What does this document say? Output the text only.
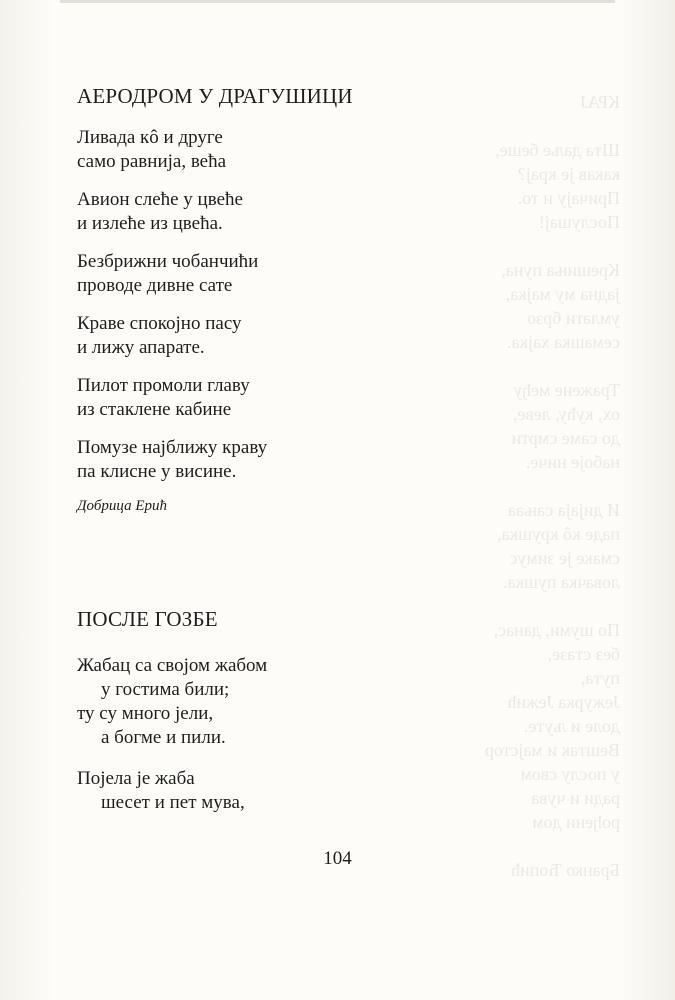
КРАЈ

Шта даље беше,
какав је крај?
Причају и то.
Послушај!

Крешиња пуна,
јадна му мајка,
умлати брзо
семашка хајка.

Тражене међу
ох, кућу, леве,
до саме смрти
набоје ниче.

И дијаја сањаа
паде кô крушка,
смаке је зимус
ловачка пушка.

По шуми, данас,
без стазе,
пута,
Јежурка Јежић
доле и љуте.
Вештак и мајстор
у послу свом
ради и чува
рођени дом

Бранко Ћопић
АЕРОДРОМ У ДРАГУШИЦИ

Ливада кô и друге
само равнија, већа

Авион слеће у цвеће
и излеће из цвећа.

Безбрижни чобанчићи
проводе дивне сате

Краве спокојно пасу
и лижу апарате.

Пилот промоли главу
из стаклене кабине

Помузе најближу краву
па клисне у висине.

Добрица Ерић

ПОСЛЕ ГОЗБЕ

Жабац са својом жабом
у гостима били;
ту су много јели,
а богме и пили.

Појела је жаба
шесет и пет мува,

104
